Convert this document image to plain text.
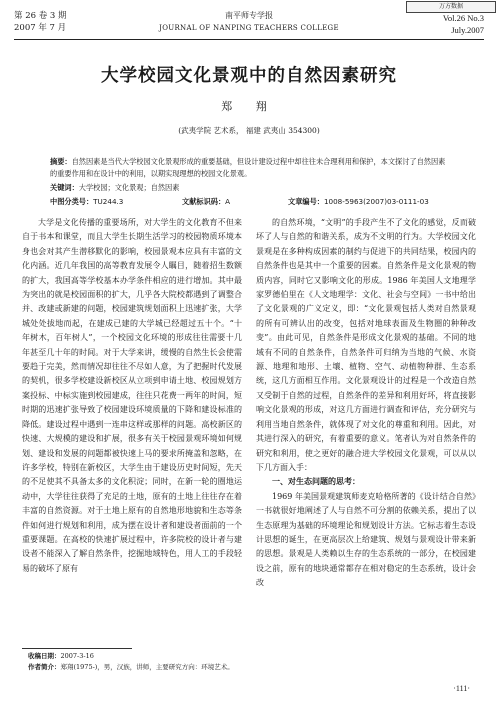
万方数据
第 26 卷 3 期
2007 年 7 月
南平师专学报
JOURNAL OF NANPING TEACHERS COLLEGE
Vol.26 No.3
July.2007
大学校园文化景观中的自然因素研究
郑 翔
(武夷学院 艺术系， 福建 武夷山 354300)
摘要：自然因素是当代大学校园文化景观形成的重要基础，但设计建设过程中却往往未合理利用和保护，本文探讨了自然因素的重要作用和在设计中的利用，以期实现理想的校园文化景观。
关键词：大学校园；文化景观；自然因素
中图分类号：TU244.3	文献标识码：A	文章编号：1008-5963(2007)03-0111-03

大学是文化传播的重要场所，对大学生的文化教育不但来自于书本和课堂，而且大学生长期生活学习的校园物质环境本身也会对其产生潜移默化的影响，校园景观本应具有丰富的文化内涵。近几年我国的高等教育发展令人瞩目，随着招生数额的扩大，我国高等学校基本办学条件相应的进行增加。其中最为突出的就是校园面积的扩大，几乎各大院校都遇到了调整合并、改建或新建的问题，校园建筑规划面积上迅速扩张，大学城处处拔地而起，在建成已建的大学城已经超过五十个。“十年树木，百年树人”，一个校园文化环境的形成往往需要十几年甚至几十年的时间。对于大学来讲，缓慢的自然生长会使需要趋于完美，然而情况却往往不尽如人意，为了把握时代发展的契机，很多学校建设新校区从立项到申请土地、校园规划方案投标、中标实施到校园建成，往往只花费一两年的时间，短时期的迅速扩张导致了校园建设环境质量的下降和建设标准的降低。建设过程中遇到一连串这样或那样的问题。高校新区的快速、大规模的建设和扩展，很多有关于校园景观环境如何规划、建设和发展的问题都被快速上马的要求所掩盖和忽略，在许多学校，特别在新校区，大学生由于建设历史时间短，先天的不足使其不具备太多的文化积淀；同时，在新一轮的圈地运动中，大学往往获得了充足的土地，原有的土地上往往存在着丰富的自然资源。对于土地上原有的自然地形地貌和生态等条件如何进行规划和利用，成为摆在设计者和建设者面前的一个重要课题。在高校的快速扩展过程中，许多院校的设计者与建设者不能深入了解自然条件，挖掘地域特色，用人工的手段轻易的破坏了原有

的自然环境，“文明”的手段产生不了文化的感觉，反而破坏了人与自然的和谐关系，成为不文明的行为。大学校园文化景观是在多种构成因素的制约与促进下的共同结果，校园内的自然条件也是其中一个重要的因素。自然条件是文化景观的物质内容，同时它又影响文化的形成。1986 年美国人文地理学家罗德伯里在《人文地理学：文化、社会与空间》一书中给出了文化景观的广义定义，即：“文化景观包括人类对自然景观的所有可辨认出的改变，包括对地球表面及生物圈的种种改变”。由此可见，自然条件是形成文化景观的基础。不同的地域有不同的自然条件，自然条件可归纳为当地的气候、水资源、地理和地形、土壤、植物、空气、动植物种群、生态系统，这几方面相互作用。文化景观设计的过程是一个改造自然又受制于自然的过程，自然条件的差异和利用好坏，将直接影响文化景观的形成，对这几方面进行调查和评估，充分研究与利用当地自然条件，就体现了对文化的尊重和利用。因此，对其进行深入的研究，有着重要的意义。笔者认为对自然条件的研究和利用，使之更好的融合进大学校园文化景观，可以从以下几方面入手：

一、对生态问题的思考：

1969 年美国景观建筑师麦克哈格所著的《设计结合自然》一书就很好地阐述了人与自然不可分割的依赖关系，提出了以生态原理为基础的环境理论和规划设计方法。它标志着生态设计思想的诞生，在更高层次上给建筑、规划与景观设计带来新的思想。景观是人类赖以生存的生态系统的一部分，在校园建设之前，原有的地块通常都存在相对稳定的生态系统，设计会改

收稿日期：2007-3-16
作者简介：郑翔(1975-)，男，汉族，讲师，主要研究方向：环境艺术。
·111·
